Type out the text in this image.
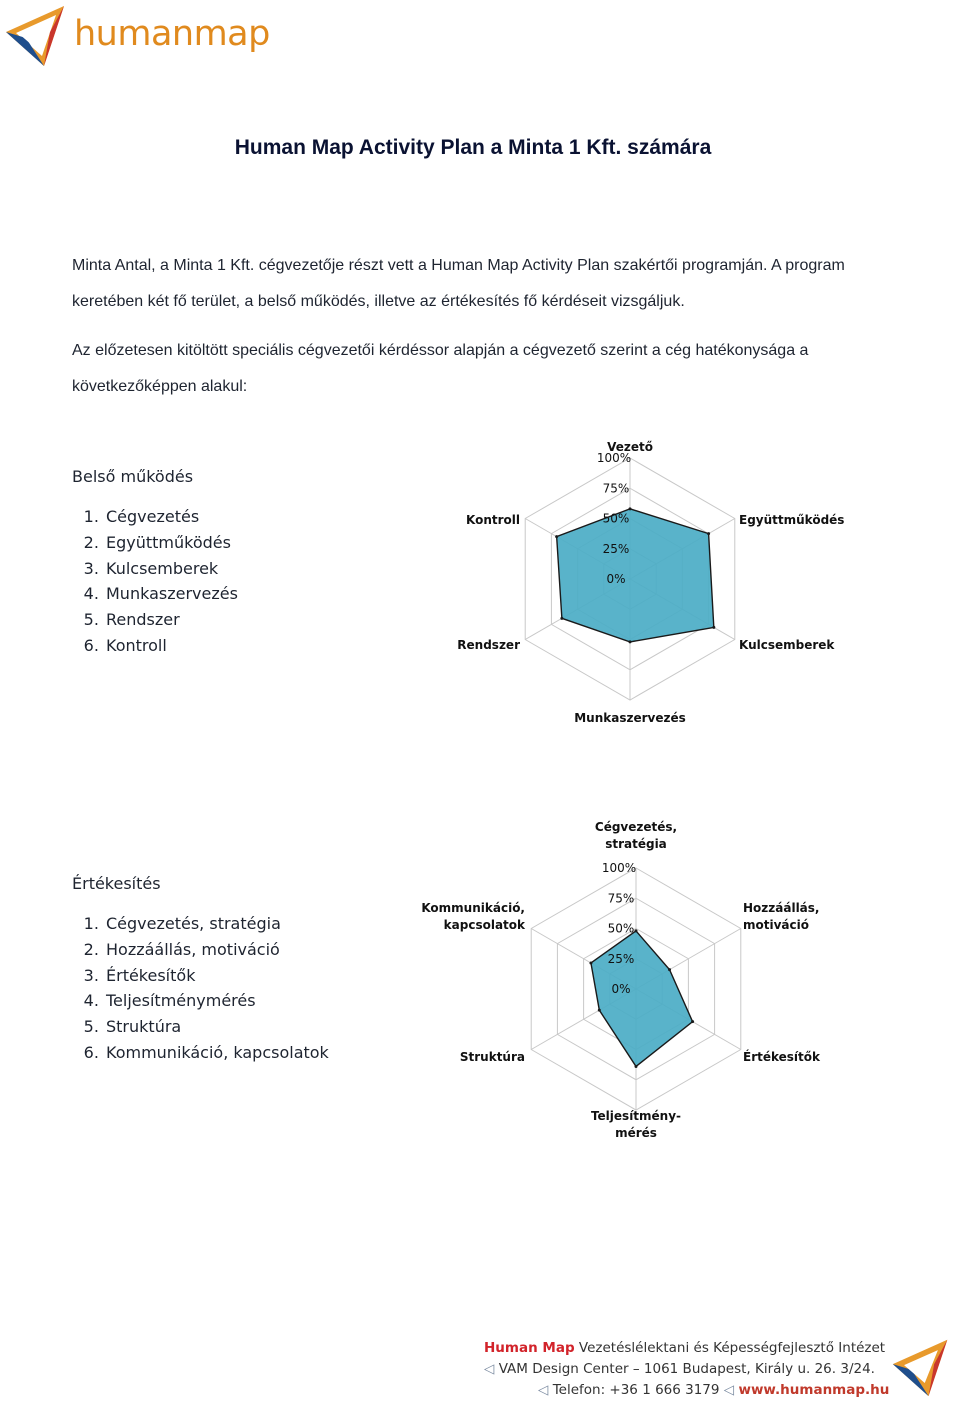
humanmap
Human Map Activity Plan a Minta 1 Kft. számára
Minta Antal, a Minta 1 Kft. cégvezetője részt vett a Human Map Activity Plan szakértői programján. A program keretében két fő terület, a belső működés, illetve az értékesítés fő kérdéseit vizsgáljuk.
Az előzetesen kitöltött speciális cégvezetői kérdéssor alapján a cégvezető szerint a cég hatékonysága a következőképpen alakul:
Belső működés
1. Cégvezetés
2. Együttműködés
3. Kulcsemberek
4. Munkaszervezés
5. Rendszer
6. Kontroll
Értékesítés
1. Cégvezetés, stratégia
2. Hozzáállás, motiváció
3. Értékesítők
4. Teljesítménymérés
5. Struktúra
6. Kommunikáció, kapcsolatok
0%
25%
50%
75%
100%
Vezető
Együttműködés
Kulcsemberek
Munkaszervezés
Rendszer
Kontroll
0%
25%
50%
75%
100%
Cégvezetés, stratégia
Hozzáállás, motiváció
Értékesítők
Teljesítmény-mérés
Struktúra
Kommunikáció, kapcsolatok
Human Map Vezetéslélektani és Képességfejlesztő Intézet
◁ VAM Design Center – 1061 Budapest, Király u. 26. 3/24.
◁ Telefon: +36 1 666 3179 ◁ www.humanmap.hu
